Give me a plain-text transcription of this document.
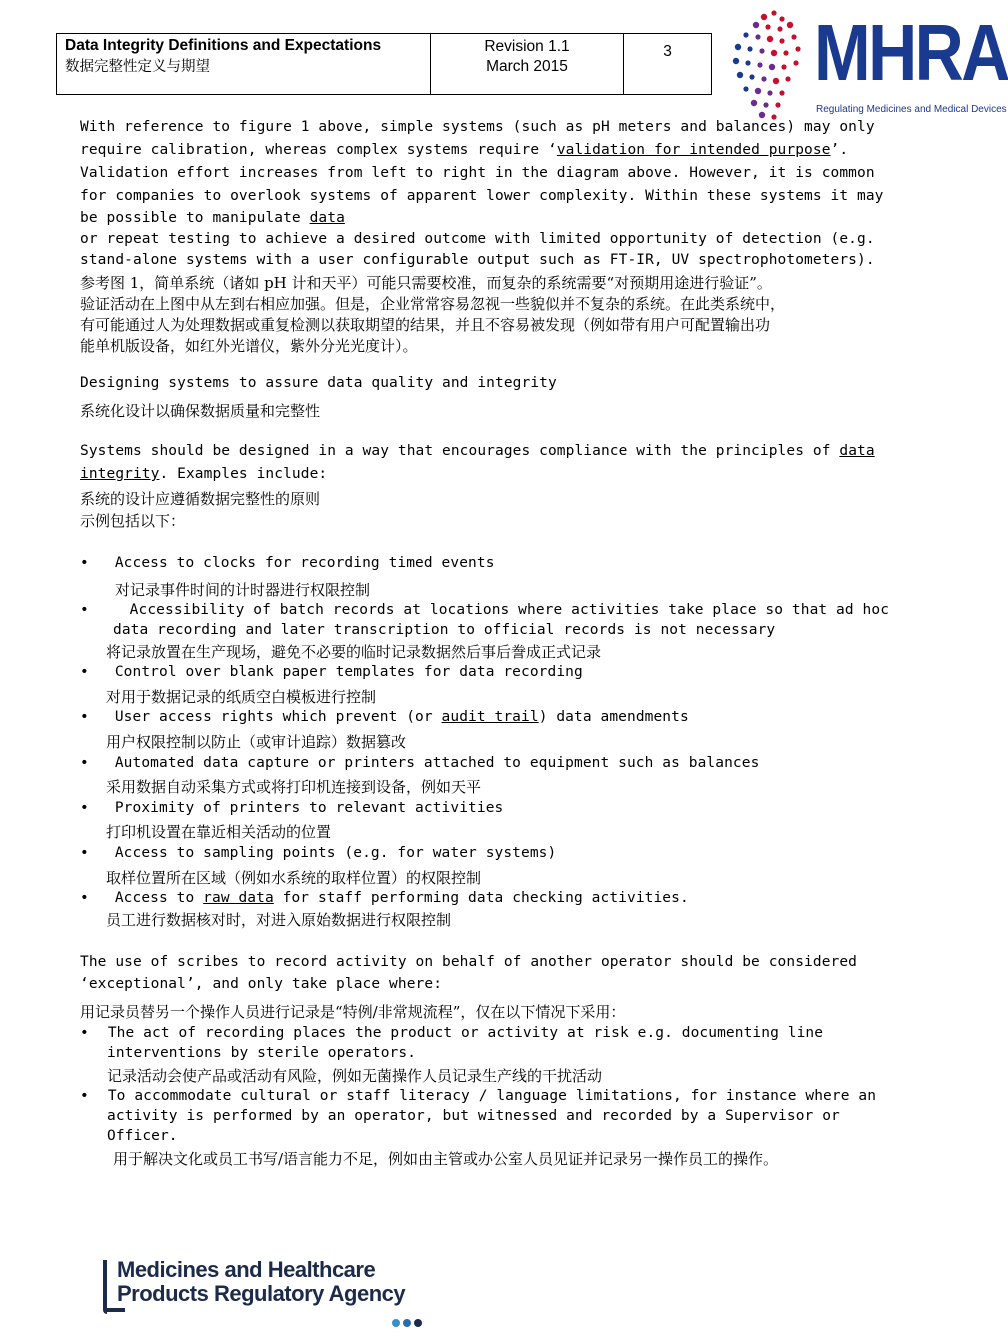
Data Integrity Definitions and Expectations
数据完整性定义与期望
Revision 1.1
March 2015
3	MHRA
Regulating Medicines and Medical Devices
With reference to figure 1 above, simple systems (such as pH meters and balances) may only
require calibration, whereas complex systems require ‘validation for intended purpose’.
Validation effort increases from left to right in the diagram above. However, it is common
for companies to overlook systems of apparent lower complexity. Within these systems it may
be possible to manipulate data
or repeat testing to achieve a desired outcome with limited opportunity of detection (e.g.
stand-alone systems with a user configurable output such as FT-IR, UV spectrophotometers).
参考图 1，简单系统（诸如 pH 计和天平）可能只需要校准，而复杂的系统需要“对预期用途进行验证”。
验证活动在上图中从左到右相应加强。但是，企业常常容易忽视一些貌似并不复杂的系统。在此类系统中，
有可能通过人为处理数据或重复检测以获取期望的结果，并且不容易被发现（例如带有用户可配置输出功
能单机版设备，如红外光谱仪，紫外分光光度计）。
Designing systems to assure data quality and integrity
系统化设计以确保数据质量和完整性
Systems should be designed in a way that encourages compliance with the principles of data
integrity. Examples include:
系统的设计应遵循数据完整性的原则
示例包括以下：
• Access to clocks for recording timed events
对记录事件时间的计时器进行权限控制
• Accessibility of batch records at locations where activities take place so that ad hoc
data recording and later transcription to official records is not necessary
将记录放置在生产现场，避免不必要的临时记录数据然后事后誊成正式记录
• Control over blank paper templates for data recording
对用于数据记录的纸质空白模板进行控制
• User access rights which prevent (or audit trail) data amendments
用户权限控制以防止（或审计追踪）数据篡改
• Automated data capture or printers attached to equipment such as balances
采用数据自动采集方式或将打印机连接到设备，例如天平
• Proximity of printers to relevant activities
打印机设置在靠近相关活动的位置
• Access to sampling points (e.g. for water systems)
取样位置所在区域（例如水系统的取样位置）的权限控制
• Access to raw data for staff performing data checking activities.
员工进行数据核对时，对进入原始数据进行权限控制
The use of scribes to record activity on behalf of another operator should be considered
‘exceptional’, and only take place where:
用记录员替另一个操作人员进行记录是“特例/非常规流程”，仅在以下情况下采用：
• The act of recording places the product or activity at risk e.g. documenting line
interventions by sterile operators.
记录活动会使产品或活动有风险，例如无菌操作人员记录生产线的干扰活动
• To accommodate cultural or staff literacy / language limitations, for instance where an
activity is performed by an operator, but witnessed and recorded by a Supervisor or
Officer.
用于解决文化或员工书写/语言能力不足，例如由主管或办公室人员见证并记录另一操作员工的操作。
Medicines and Healthcare
Products Regulatory Agency
